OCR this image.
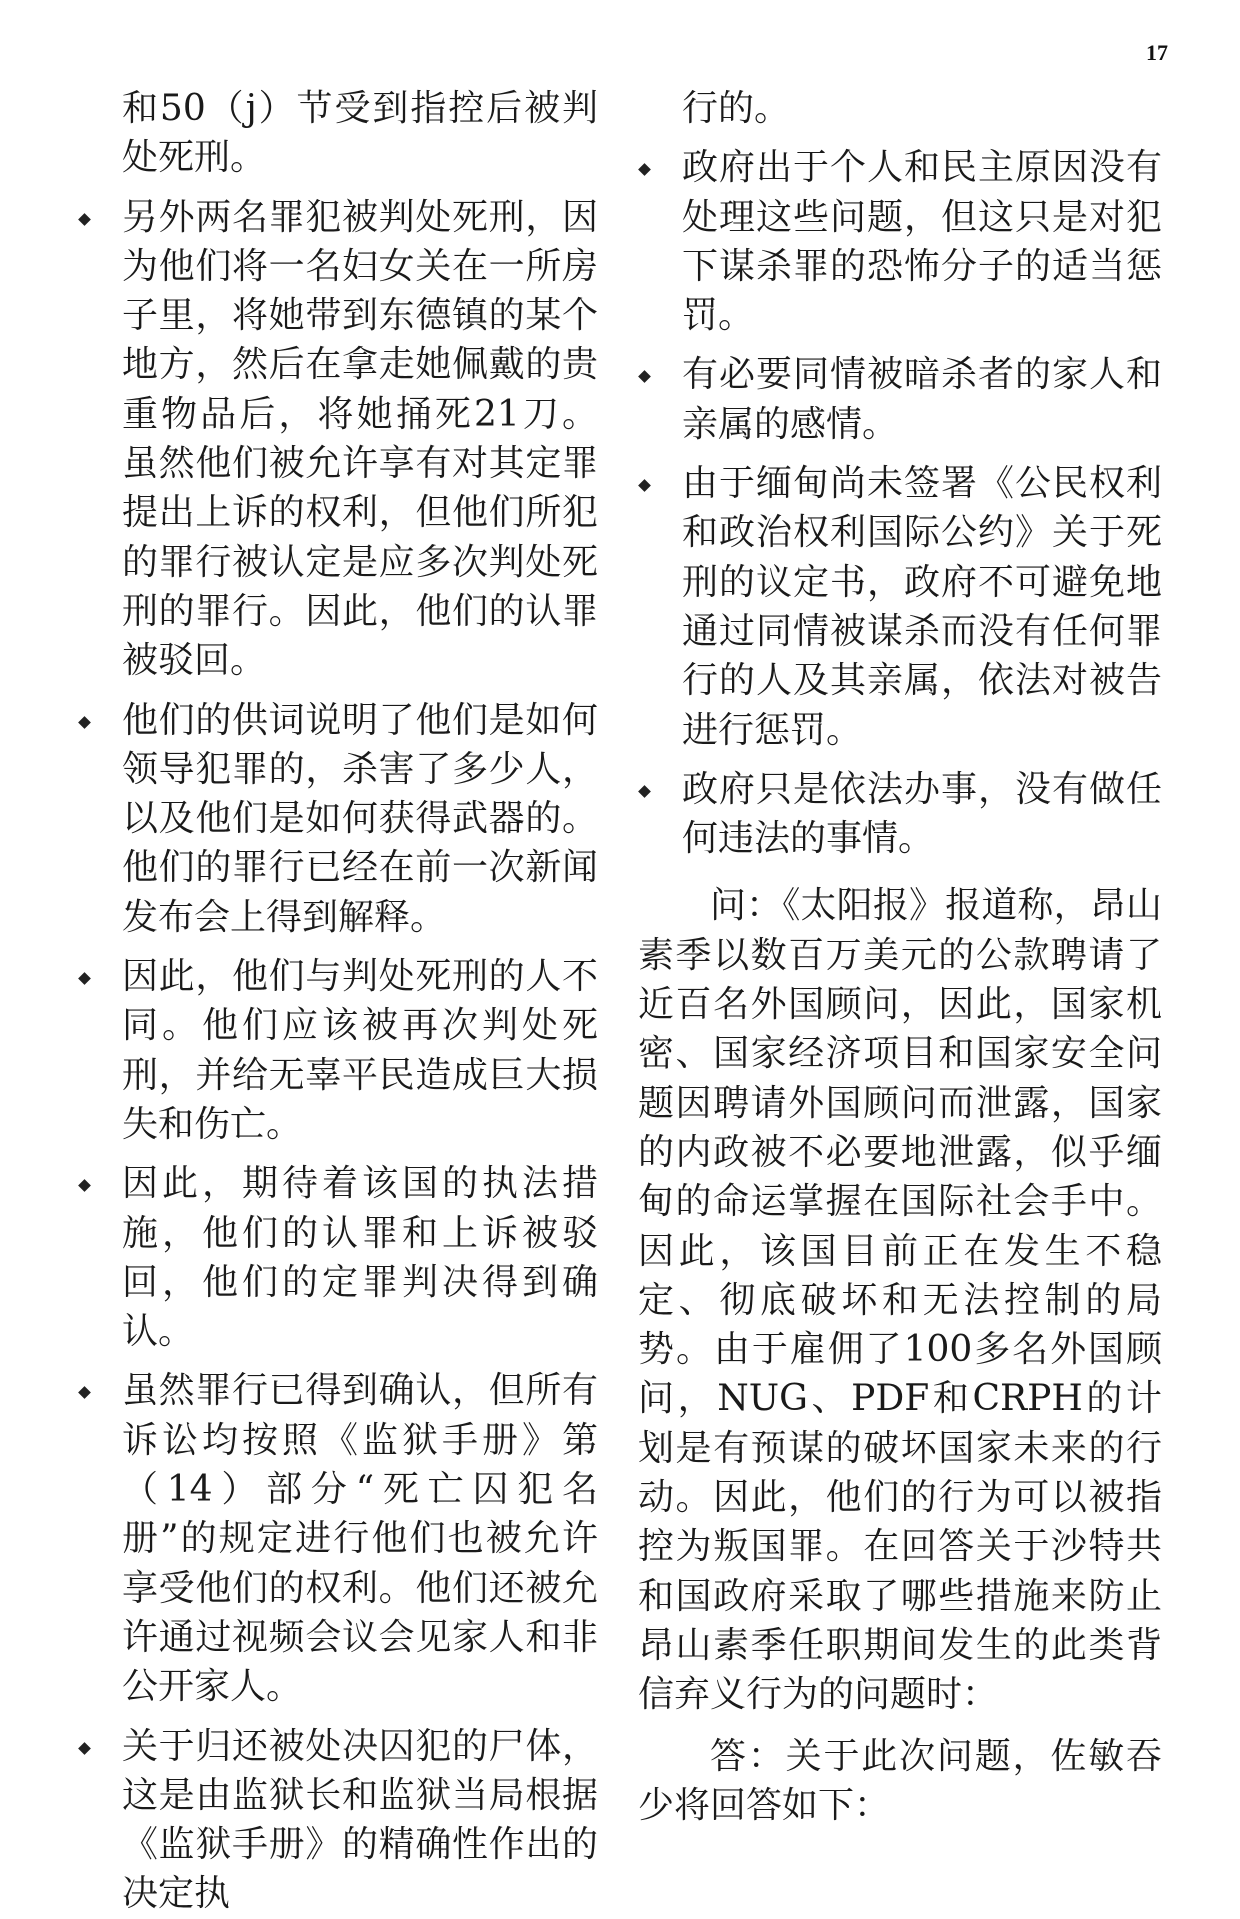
17

和50（j）节受到指控后被判处死刑。

另外两名罪犯被判处死刑，因为他们将一名妇女关在一所房子里，将她带到东德镇的某个地方，然后在拿走她佩戴的贵重物品后，将她捅死21刀。虽然他们被允许享有对其定罪提出上诉的权利，但他们所犯的罪行被认定是应多次判处死刑的罪行。因此，他们的认罪被驳回。

他们的供词说明了他们是如何领导犯罪的，杀害了多少人，以及他们是如何获得武器的。他们的罪行已经在前一次新闻发布会上得到解释。

因此，他们与判处死刑的人不同。他们应该被再次判处死刑，并给无辜平民造成巨大损失和伤亡。

因此，期待着该国的执法措施，他们的认罪和上诉被驳回，他们的定罪判决得到确认。

虽然罪行已得到确认，但所有诉讼均按照《监狱手册》第（14）部分“死亡囚犯名册”的规定进行他们也被允许享受他们的权利。他们还被允许通过视频会议会见家人和非公开家人。

关于归还被处决囚犯的尸体，这是由监狱长和监狱当局根据《监狱手册》的精确性作出的决定执

行的。

政府出于个人和民主原因没有处理这些问题，但这只是对犯下谋杀罪的恐怖分子的适当惩罚。

有必要同情被暗杀者的家人和亲属的感情。

由于缅甸尚未签署《公民权利和政治权利国际公约》关于死刑的议定书，政府不可避免地通过同情被谋杀而没有任何罪行的人及其亲属，依法对被告进行惩罚。

政府只是依法办事，没有做任何违法的事情。

问：《太阳报》报道称，昂山素季以数百万美元的公款聘请了近百名外国顾问，因此，国家机密、国家经济项目和国家安全问题因聘请外国顾问而泄露，国家的内政被不必要地泄露，似乎缅甸的命运掌握在国际社会手中。因此，该国目前正在发生不稳定、彻底破坏和无法控制的局势。由于雇佣了100多名外国顾问，NUG、PDF和CRPH的计划是有预谋的破坏国家未来的行动。因此，他们的行为可以被指控为叛国罪。在回答关于沙特共和国政府采取了哪些措施来防止昂山素季任职期间发生的此类背信弃义行为的问题时：

答：关于此次问题，佐敏吞少将回答如下：
